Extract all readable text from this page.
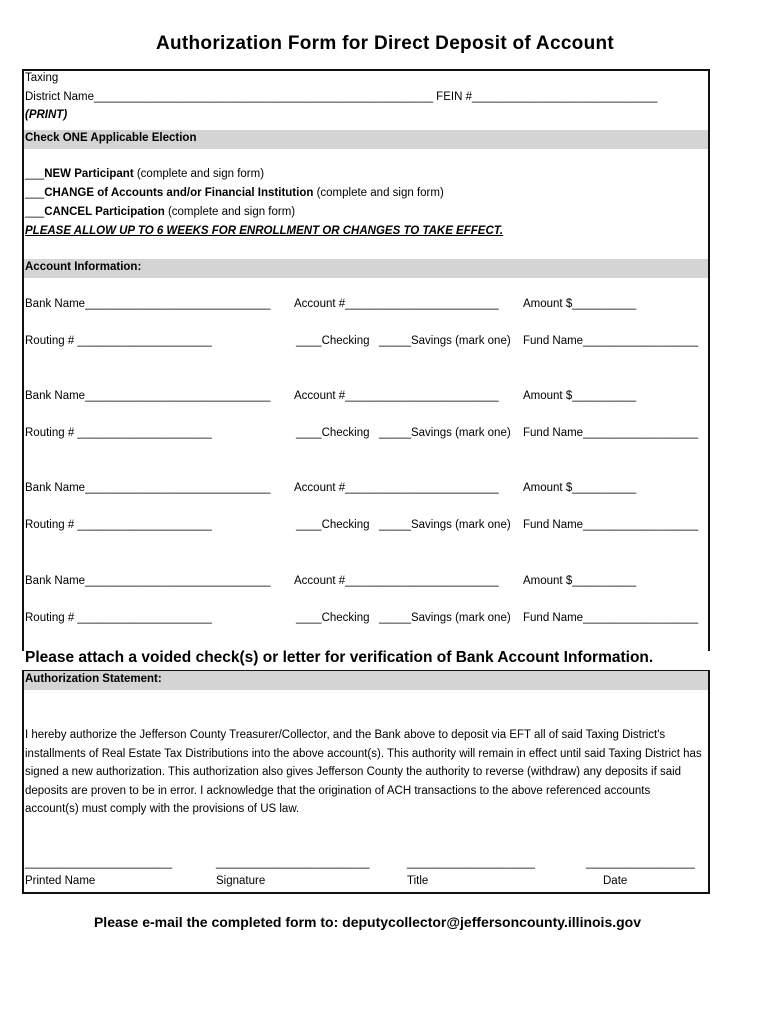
Authorization Form for Direct Deposit of Account
Taxing
District Name_____________________________________________________ FEIN #_____________________________
(PRINT)
Check ONE Applicable Election
___NEW Participant (complete and sign form)
___CHANGE of Accounts and/or Financial Institution (complete and sign form)
___CANCEL Participation (complete and sign form)
PLEASE ALLOW UP TO 6 WEEKS FOR ENROLLMENT OR CHANGES TO TAKE EFFECT.
Account Information:
Bank Name_____________________________ Account #________________________ Amount $__________
Routing # _____________________	____Checking _____Savings (mark one) Fund Name__________________
Bank Name_____________________________ Account #________________________ Amount $__________
Routing # _____________________	____Checking _____Savings (mark one) Fund Name__________________
Bank Name_____________________________ Account #________________________ Amount $__________
Routing # _____________________	____Checking _____Savings (mark one) Fund Name__________________
Bank Name_____________________________ Account #________________________ Amount $__________
Routing # _____________________	____Checking _____Savings (mark one) Fund Name__________________
Please attach a voided check(s) or letter for verification of Bank Account Information.
Authorization Statement:
I hereby authorize the Jefferson County Treasurer/Collector, and the Bank above to deposit via EFT all of said Taxing District's installments of Real Estate Tax Distributions into the above account(s). This authority will remain in effect until said Taxing District has signed a new authorization. This authorization also gives Jefferson County the authority to reverse (withdraw) any deposits if said deposits are proven to be in error. I acknowledge that the origination of ACH transactions to the above referenced accounts account(s) must comply with the provisions of US law.
_______________________	________________________	____________________	_________________
Printed Name	Signature	Title	Date
Please e-mail the completed form to: deputycollector@jeffersoncounty.illinois.gov
